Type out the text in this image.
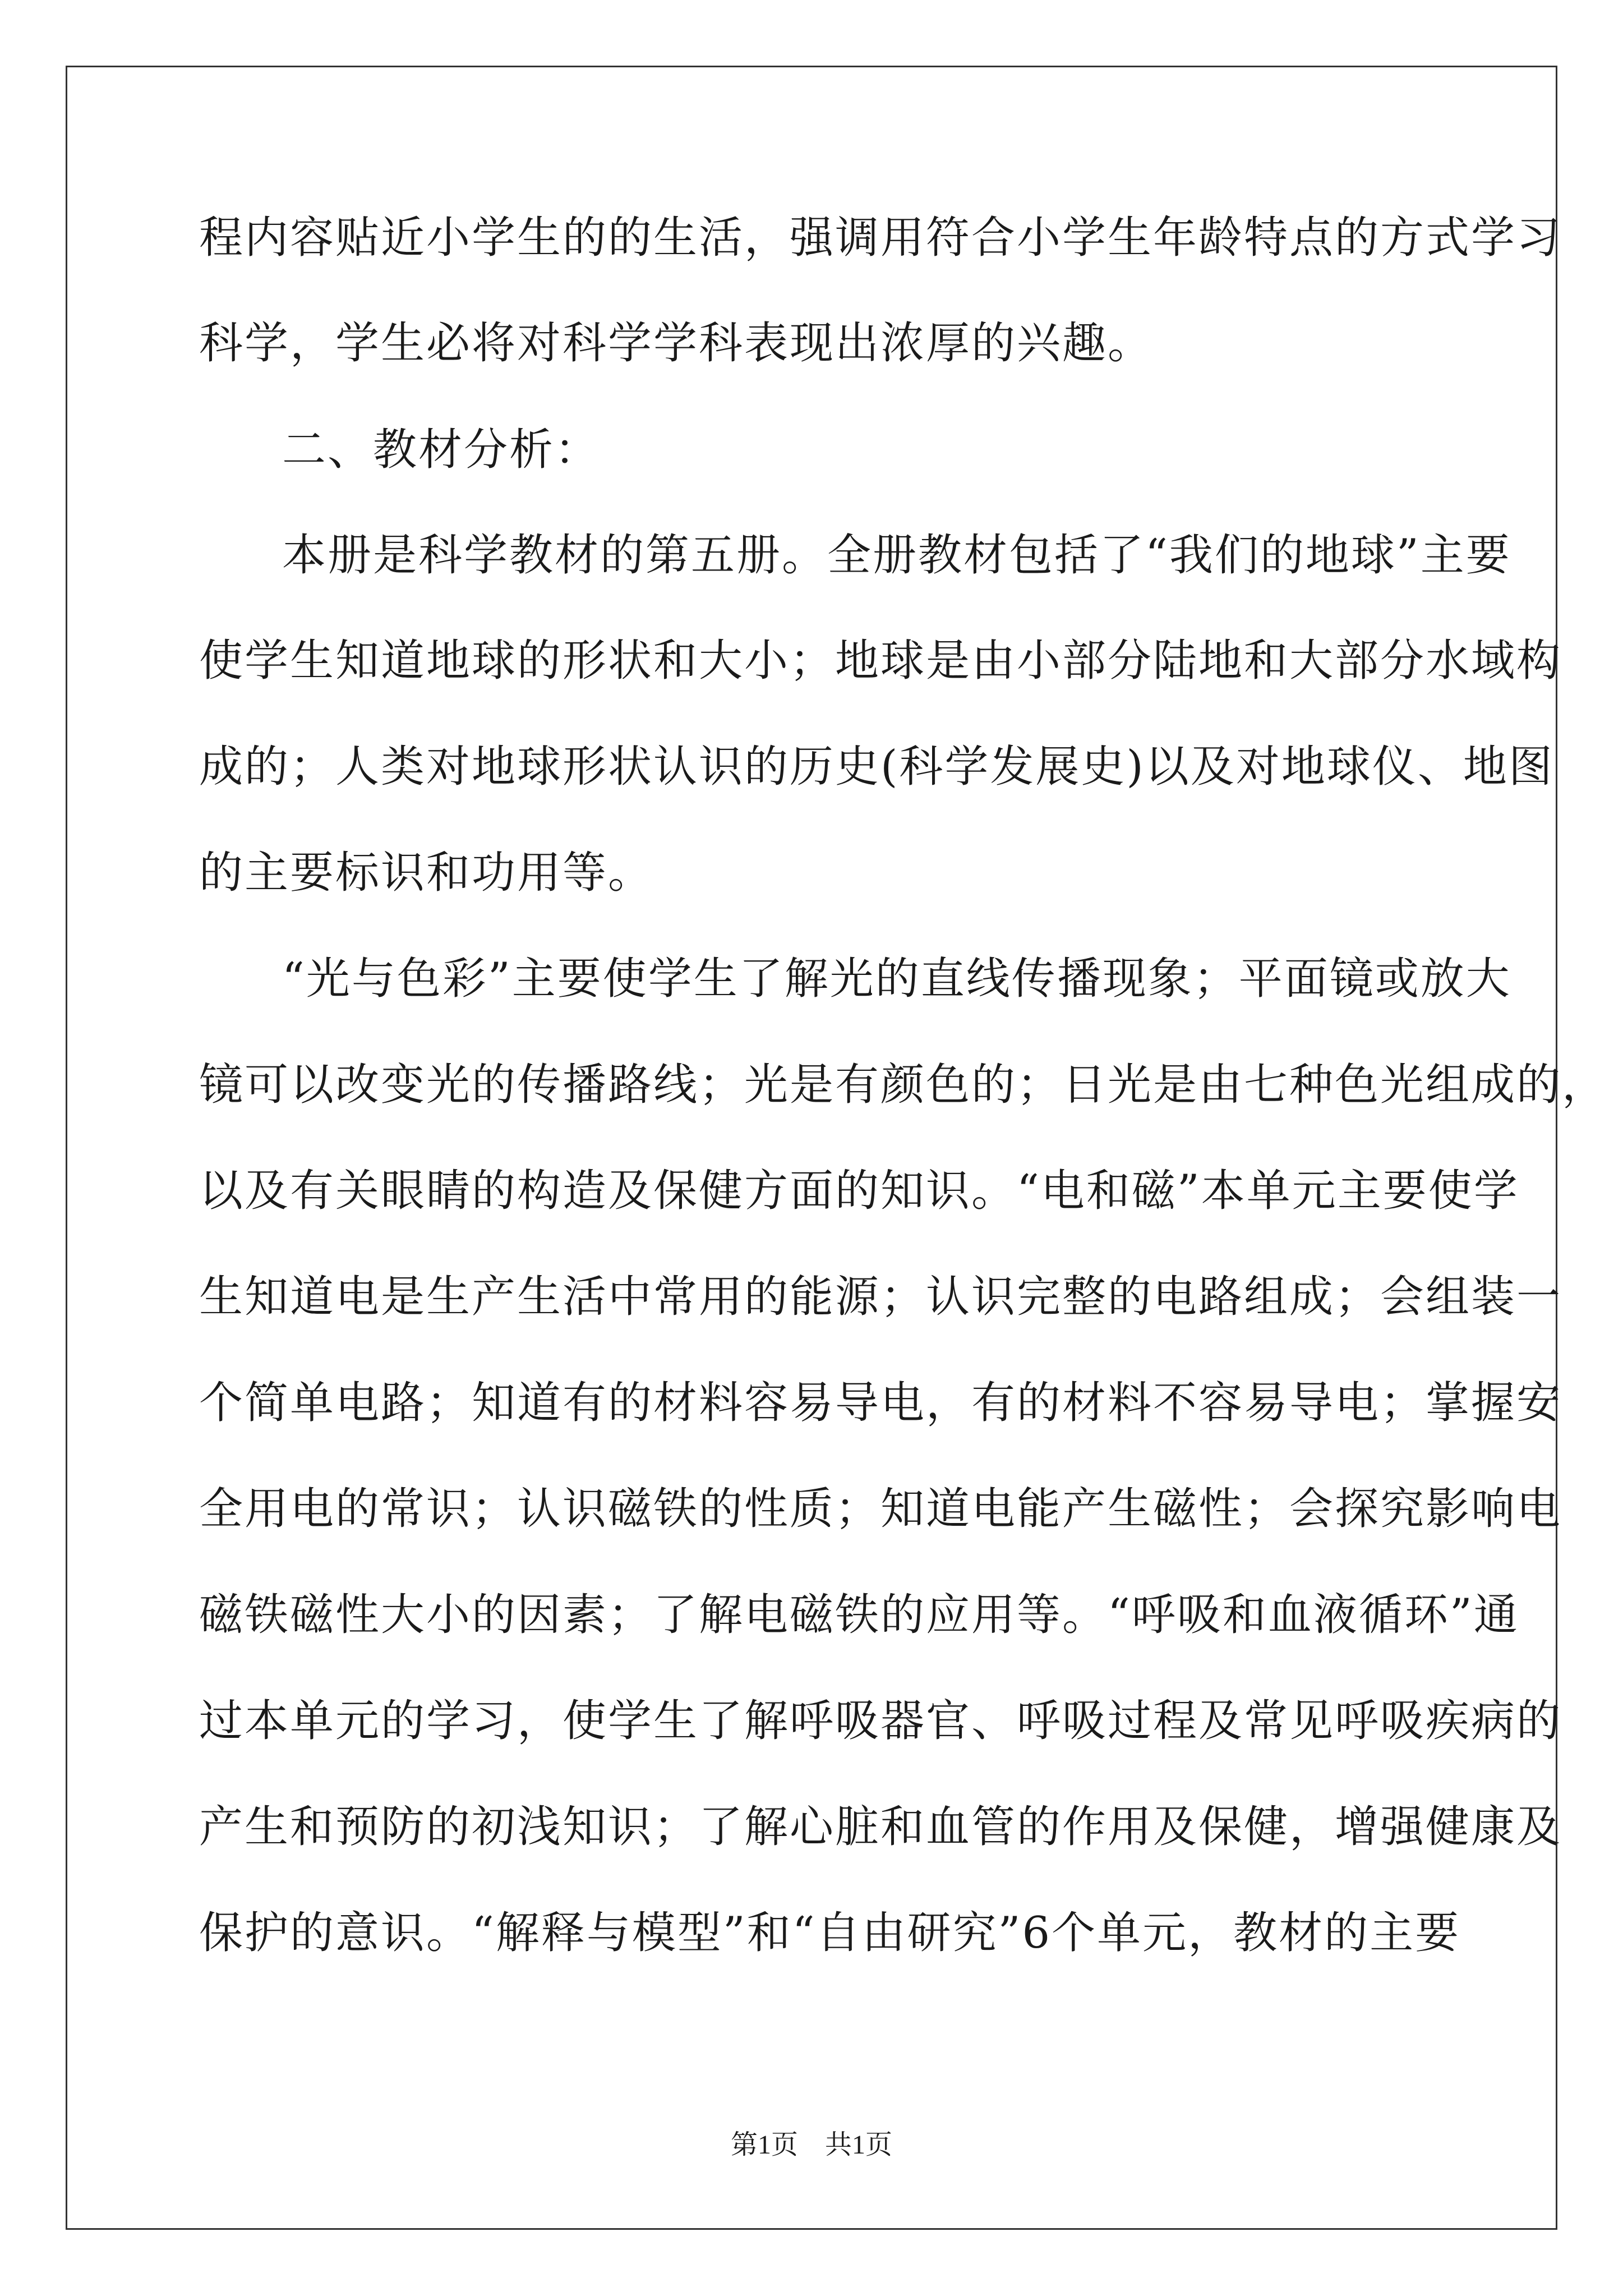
程内容贴近小学生的的生活，强调用符合小学生年龄特点的方式学习

科学，学生必将对科学学科表现出浓厚的兴趣。

二、教材分析：

本册是科学教材的第五册。全册教材包括了“我们的地球”主要

使学生知道地球的形状和大小；地球是由小部分陆地和大部分水域构

成的；人类对地球形状认识的历史(科学发展史)以及对地球仪、地图

的主要标识和功用等。

“光与色彩”主要使学生了解光的直线传播现象；平面镜或放大

镜可以改变光的传播路线；光是有颜色的；日光是由七种色光组成的，

以及有关眼睛的构造及保健方面的知识。“电和磁”本单元主要使学

生知道电是生产生活中常用的能源；认识完整的电路组成；会组装一

个简单电路；知道有的材料容易导电，有的材料不容易导电；掌握安

全用电的常识；认识磁铁的性质；知道电能产生磁性；会探究影响电

磁铁磁性大小的因素；了解电磁铁的应用等。“呼吸和血液循环”通

过本单元的学习，使学生了解呼吸器官、呼吸过程及常见呼吸疾病的

产生和预防的初浅知识；了解心脏和血管的作用及保健，增强健康及

保护的意识。“解释与模型”和“自由研究”6个单元，教材的主要

第1页　共1页
